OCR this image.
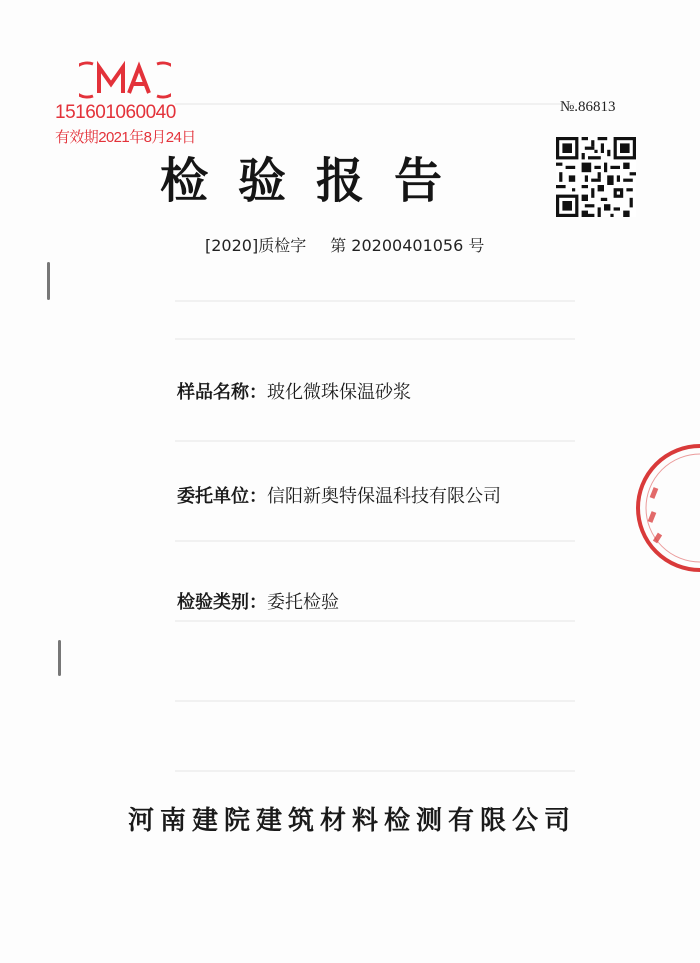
151601060040
有效期2021年8月24日
№.86813
检验报告
[2020]质检字 第 20200401056 号
样品名称：玻化微珠保温砂浆
委托单位：信阳新奥特保温科技有限公司
检验类别：委托检验
河南建院建筑材料检测有限公司
